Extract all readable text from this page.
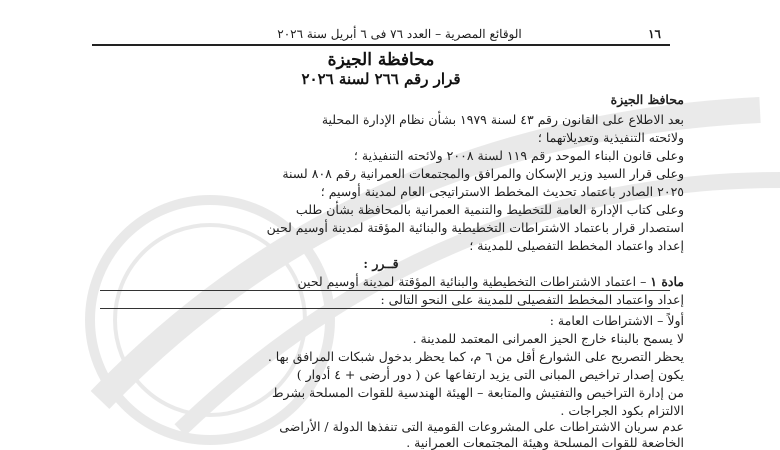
١٦
الوقائع المصرية – العدد ٧٦ فى ٦ أبريل سنة ٢٠٢٦
محافظة الجيزة
قرار رقم ٢٦٦ لسنة ٢٠٢٦
محافظ الجيزة
بعد الاطلاع على القانون رقم ٤٣ لسنة ١٩٧٩ بشأن نظام الإدارة المحلية
ولائحته التنفيذية وتعديلاتهما ؛
وعلى قانون البناء الموحد رقم ١١٩ لسنة ٢٠٠٨ ولائحته التنفيذية ؛
وعلى قرار السيد وزير الإسكان والمرافق والمجتمعات العمرانية رقم ٨٠٨ لسنة
٢٠٢٥ الصادر باعتماد تحديث المخطط الاستراتيجى العام لمدينة أوسيم ؛
وعلى كتاب الإدارة العامة للتخطيط والتنمية العمرانية بالمحافظة بشأن طلب
استصدار قرار باعتماد الاشتراطات التخطيطية والبنائية المؤقتة لمدينة أوسيم لحين
إعداد واعتماد المخطط التفصيلى للمدينة ؛
قــرر :
مادة ١ – اعتماد الاشتراطات التخطيطية والبنائية المؤقتة لمدينة أوسيم لحين
إعداد واعتماد المخطط التفصيلى للمدينة على النحو التالى :
أولاً – الاشتراطات العامة :
لا يسمح بالبناء خارج الحيز العمرانى المعتمد للمدينة .
يحظر التصريح على الشوارع أقل من ٦ م، كما يحظر بدخول شبكات المرافق بها .
يكون إصدار تراخيص المبانى التى يزيد ارتفاعها عن ( دور أرضى + ٤ أدوار )
من إدارة التراخيص والتفتيش والمتابعة – الهيئة الهندسية للقوات المسلحة بشرط
الالتزام بكود الجراجات .
عدم سريان الاشتراطات على المشروعات القومية التى تنفذها الدولة / الأراضى
الخاضعة للقوات المسلحة وهيئة المجتمعات العمرانية .
